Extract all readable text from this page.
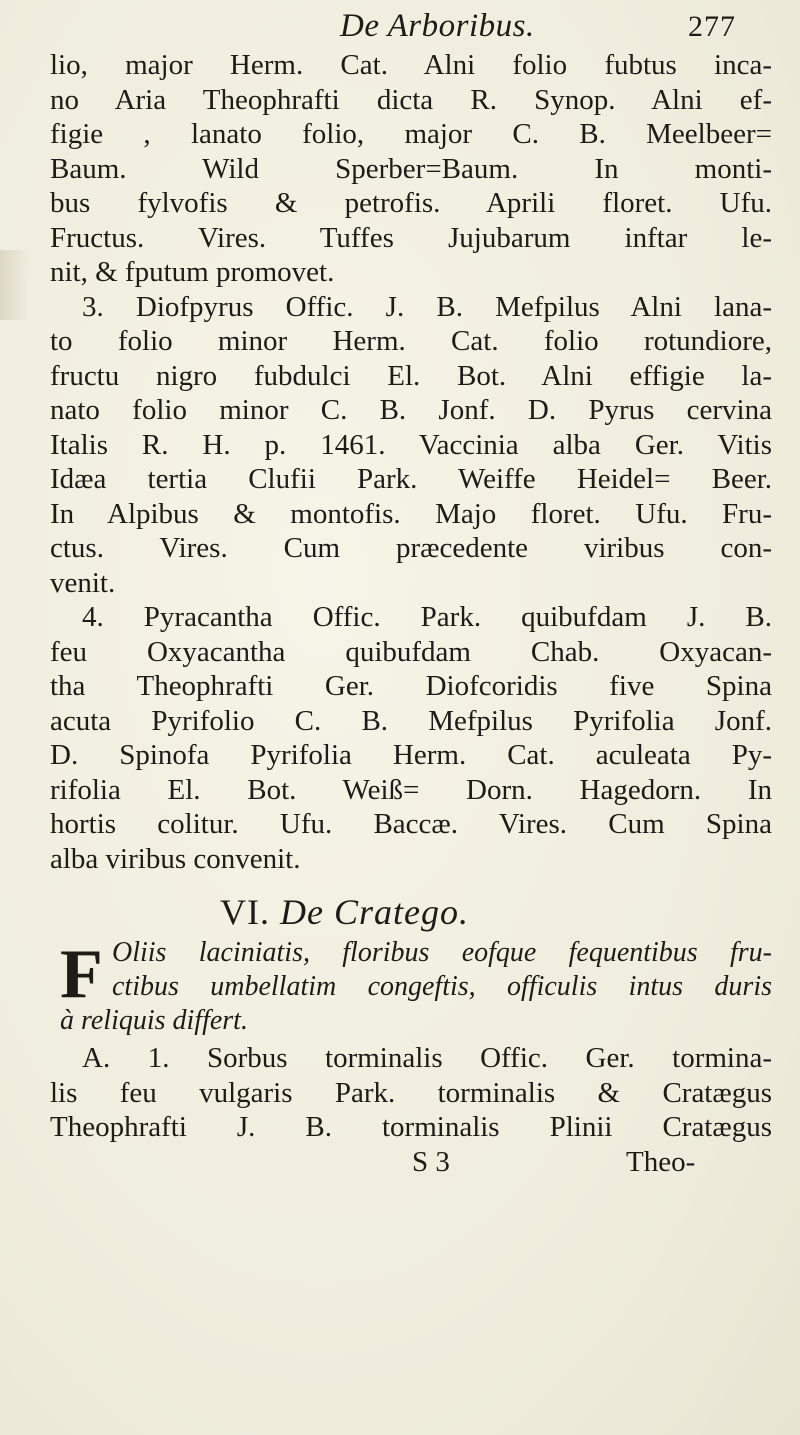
De Arboribus.	277
lio, major Herm. Cat. Alni folio fubtus inca-
no Aria Theophrafti dicta R. Synop. Alni ef-
figie , lanato folio, major C. B. Meelbeer=
Baum. Wild Sperber=Baum. In monti-
bus fylvofis & petrofis. Aprili floret. Ufu.
Fructus. Vires. Tuffes Jujubarum inftar le-
nit, & fputum promovet.
3. Diofpyrus Offic. J. B. Mefpilus Alni lana-
to folio minor Herm. Cat. folio rotundiore,
fructu nigro fubdulci El. Bot. Alni effigie la-
nato folio minor C. B. Jonf. D. Pyrus cervina
Italis R. H. p. 1461. Vaccinia alba Ger. Vitis
Idæa tertia Clufii Park. Weiffe Heidel= Beer.
In Alpibus & montofis. Majo floret. Ufu. Fru-
ctus. Vires. Cum præcedente viribus con-
venit.
4. Pyracantha Offic. Park. quibufdam J. B.
feu Oxyacantha quibufdam Chab. Oxyacan-
tha Theophrafti Ger. Diofcoridis five Spina
acuta Pyrifolio C. B. Mefpilus Pyrifolia Jonf.
D. Spinofa Pyrifolia Herm. Cat. aculeata Py-
rifolia El. Bot. Weiß= Dorn. Hagedorn. In
hortis colitur. Ufu. Baccæ. Vires. Cum Spina
alba viribus convenit.
VI. De Cratego.
F Oliis laciniatis, floribus eofque fequentibus fru-
ctibus umbellatim congeftis, officulis intus duris
à reliquis differt.
A. 1. Sorbus torminalis Offic. Ger. tormina-
lis feu vulgaris Park. torminalis & Cratægus
Theophrafti J. B. torminalis Plinii Cratægus
S 3	Theo-
